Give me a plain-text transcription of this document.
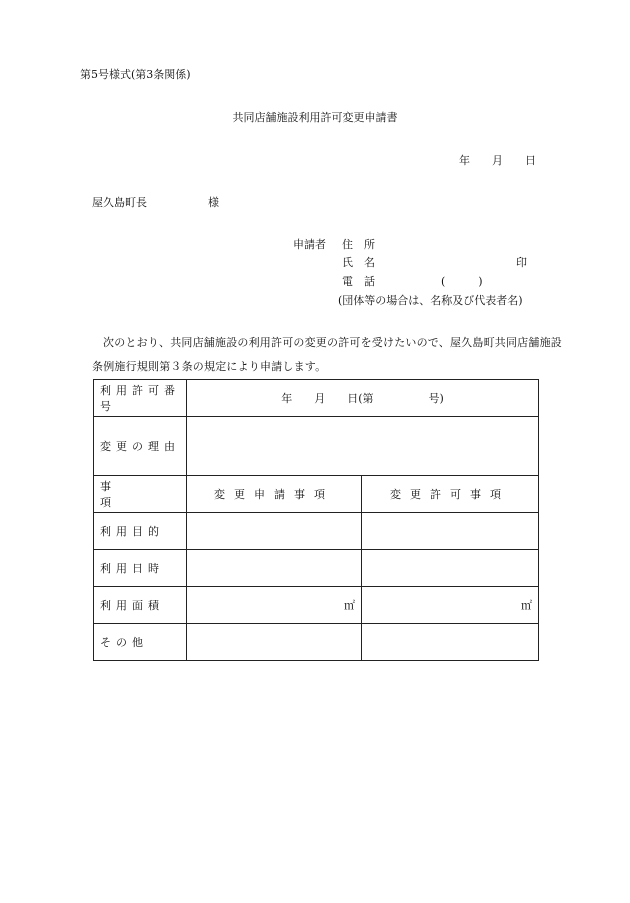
第5号様式(第3条関係)
共同店舗施設利用許可変更申請書
年　　月　　日
屋久島町長	様
申請者 住　所
氏　名	印
電　話	(　　　)
(団体等の場合は、名称及び代表者名)
次のとおり、共同店舗施設の利用許可の変更の許可を受けたいので、屋久島町共同店舗施設条例施行規則第３条の規定により申請します。
利用許可番号	年　　月　　日(第　　　　　号)	
変更の理由		
事　　　　項	変更申請事項	変更許可事項
利用目的		
利用日時		
利用面積	㎡	㎡
その他		
